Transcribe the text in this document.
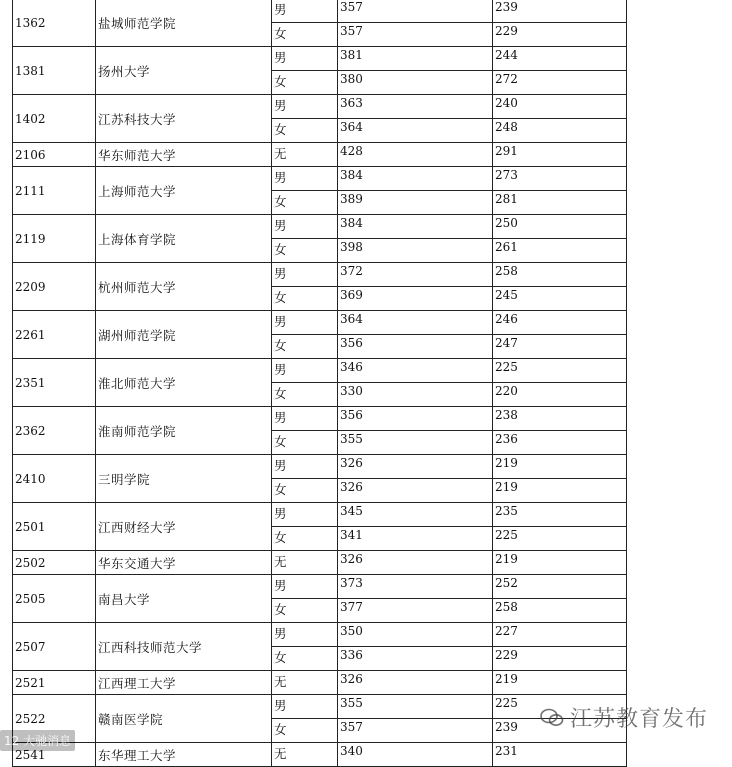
1362	盐城师范学院	男	357	239
		女	357	229
1381	扬州大学	男	381	244
		女	380	272
1402	江苏科技大学	男	363	240
		女	364	248
2106	华东师范大学	无	428	291
2111	上海师范大学	男	384	273
		女	389	281
2119	上海体育学院	男	384	250
		女	398	261
2209	杭州师范大学	男	372	258
		女	369	245
2261	湖州师范学院	男	364	246
		女	356	247
2351	淮北师范大学	男	346	225
		女	330	220
2362	淮南师范学院	男	356	238
		女	355	236
2410	三明学院	男	326	219
		女	326	219
2501	江西财经大学	男	345	235
		女	341	225
2502	华东交通大学	无	326	219
2505	南昌大学	男	373	252
		女	377	258
2507	江西科技师范大学	男	350	227
		女	336	229
2521	江西理工大学	无	326	219
2522	赣南医学院	男	355	225
		女	357	239
2541	东华理工大学	无	340	231
江苏教育发布
12 大驰消息
